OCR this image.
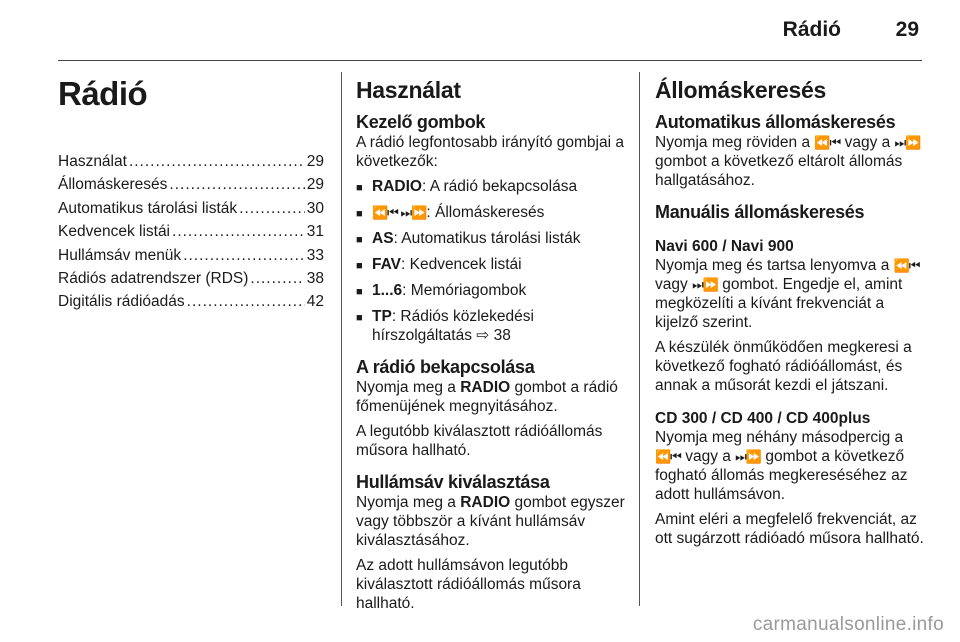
Rádió	29
Rádió
Használat .....	29
Állomáskeresés .....	29
Automatikus tárolási listák .....	30
Kedvencek listái .....	31
Hullámsáv menük .....	33
Rádiós adatrendszer (RDS) .....	38
Digitális rádióadás .....	42
Használat
Kezelő gombok

A rádió legfontosabb irányító gombjai a következők:

■ RADIO: A rádió bekapcsolása
■ ⏪⏮ ⏭⏩: Állomáskeresés
■ AS: Automatikus tárolási listák
■ FAV: Kedvencek listái
■ 1...6: Memóriagombok
■ TP: Rádiós közlekedési hírszolgáltatás ⇨ 38
A rádió bekapcsolása

Nyomja meg a RADIO gombot a rádió főmenüjének megnyitásához.

A legutóbb kiválasztott rádióállomás műsora hallható.

Hullámsáv kiválasztása

Nyomja meg a RADIO gombot egyszer vagy többször a kívánt hullámsáv kiválasztásához.

Az adott hullámsávon legutóbb kiválasztott rádióállomás műsora hallható.

Állomáskeresés
Automatikus állomáskeresés

Nyomja meg röviden a ⏪⏮ vagy a ⏭⏩ gombot a következő eltárolt állomás hallgatásához.

Manuális állomáskeresés
Navi 600 / Navi 900

Nyomja meg és tartsa lenyomva a ⏪⏮ vagy ⏭⏩ gombot. Engedje el, amint megközelíti a kívánt frekvenciát a kijelző szerint.

A készülék önműködően megkeresi a következő fogható rádióállomást, és annak a műsorát kezdi el játszani.

CD 300 / CD 400 / CD 400plus

Nyomja meg néhány másodpercig a ⏪⏮ vagy a ⏭⏩ gombot a következő fogható állomás megkereséséhez az adott hullámsávon.

Amint eléri a megfelelő frekvenciát, az ott sugárzott rádióadó műsora hallható.

carmanualsonline.info
